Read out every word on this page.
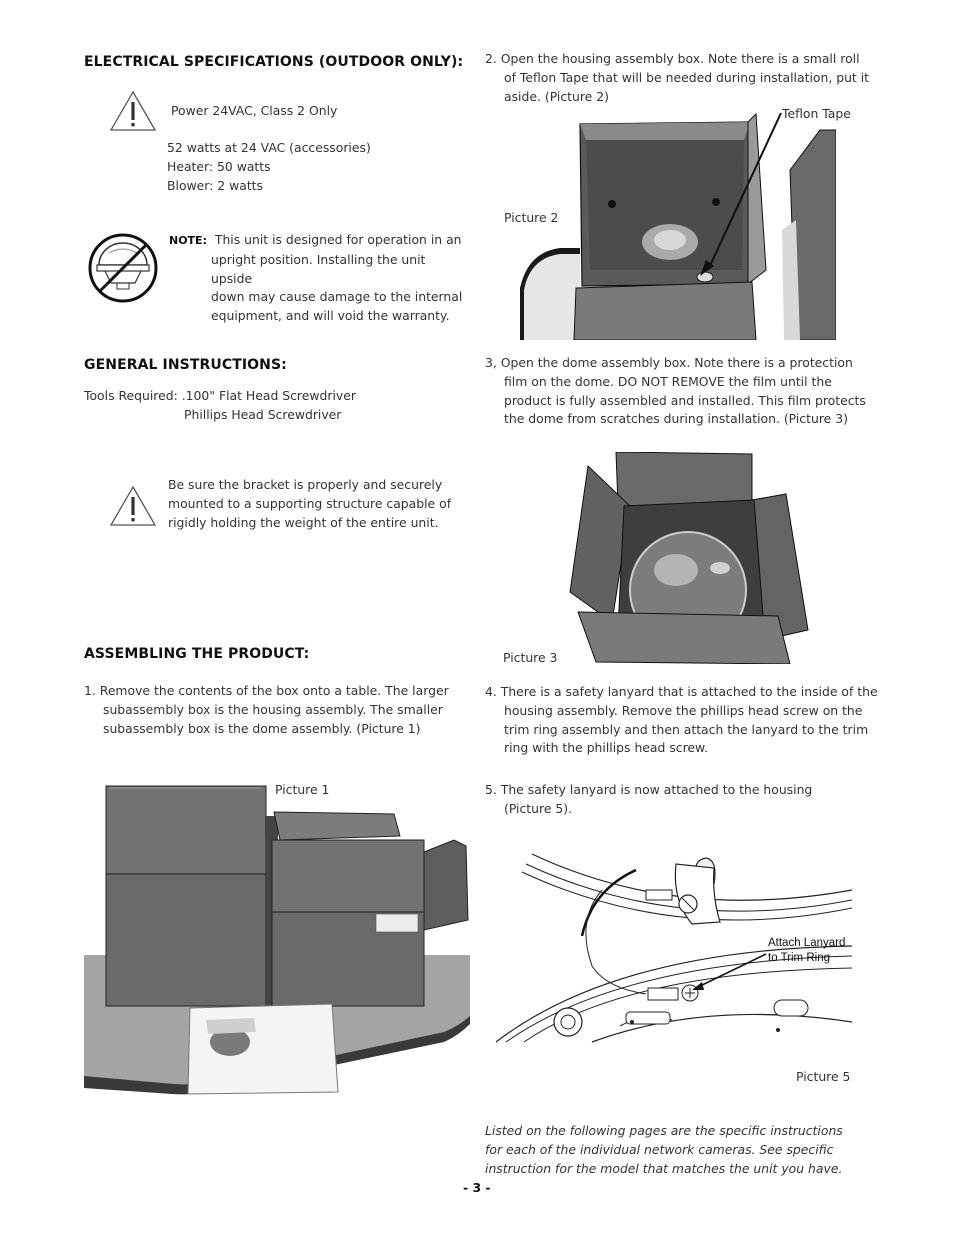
ELECTRICAL SPECIFICATIONS (OUTDOOR ONLY):
Power 24VAC, Class 2 Only
52 watts at 24 VAC (accessories)
Heater: 50 watts
Blower: 2 watts
NOTE: This unit is designed for operation in an
upright position. Installing the unit upside
down may cause damage to the internal
equipment, and will void the warranty.
GENERAL INSTRUCTIONS:
Tools Required: .100" Flat Head Screwdriver
Phillips Head Screwdriver
Be sure the bracket is properly and securely
mounted to a supporting structure capable of
rigidly holding the weight of the entire unit.
ASSEMBLING THE PRODUCT:
1. Remove the contents of the box onto a table. The larger
subassembly box is the housing assembly. The smaller
subassembly box is the dome assembly. (Picture 1)
Picture 1
2. Open the housing assembly box. Note there is a small roll
of Teflon Tape that will be needed during installation, put it
aside. (Picture 2)
Teflon Tape
Picture 2
3, Open the dome assembly box. Note there is a protection
film on the dome. DO NOT REMOVE the film until the
product is fully assembled and installed. This film protects
the dome from scratches during installation. (Picture 3)
Picture 3
4. There is a safety lanyard that is attached to the inside of the
housing assembly. Remove the phillips head screw on the
trim ring assembly and then attach the lanyard to the trim
ring with the phillips head screw.
5. The safety lanyard is now attached to the housing
(Picture 5).
Attach Lanyard
to Trim Ring
Picture 5
Listed on the following pages are the specific instructions
for each of the individual network cameras. See specific
instruction for the model that matches the unit you have.
- 3 -
